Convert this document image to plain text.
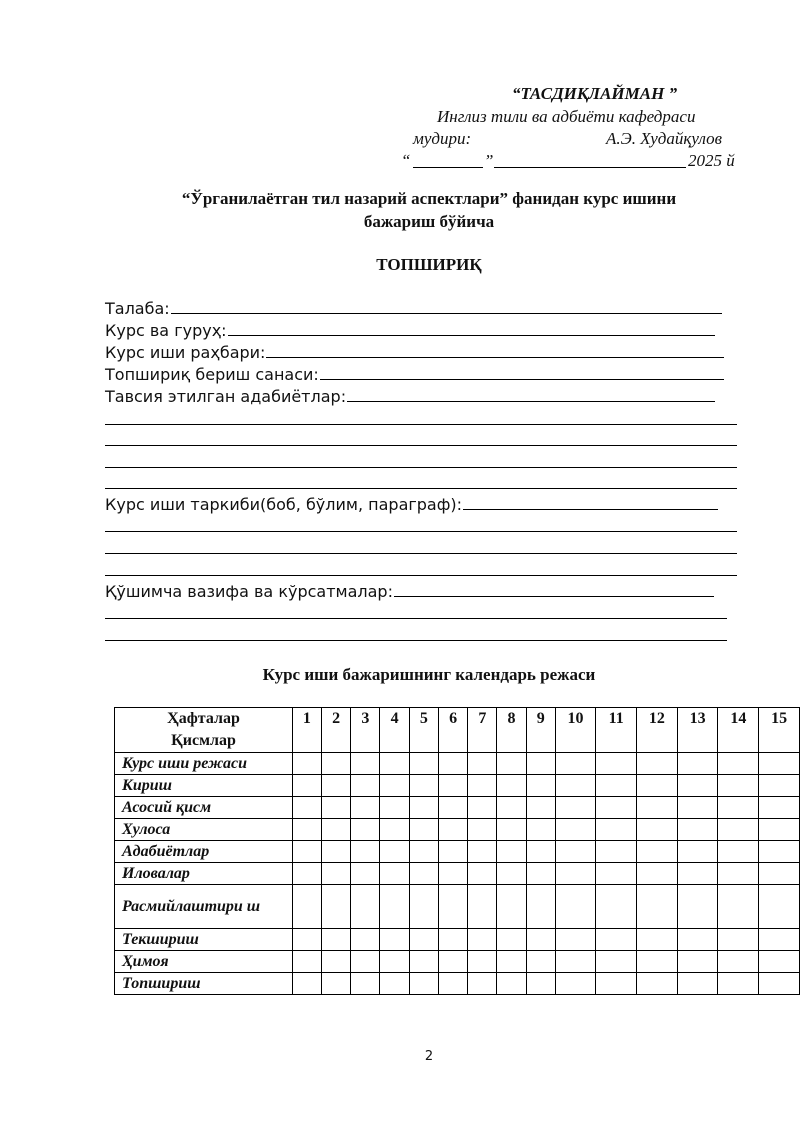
“ТАСДИҚЛАЙМАН ”
Инглиз тили ва адбиёти кафедраси
мудири:	А.Э. Худайқулов
“	”	2025 й
“Ўрганилаётган тил назарий аспектлари” фанидан курс ишини
бажариш бўйича
ТОПШИРИҚ
Талаба:
Курс ва гуруҳ:
Курс иши раҳбари:
Топшириқ бериш санаси:
Тавсия этилган адабиётлар:
Курс иши таркиби(боб, бўлим, параграф):
Қўшимча вазифа ва кўрсатмалар:
Курс иши бажаришнинг календарь режаси
Ҳафталар
Қисмлар	1	2	3	4	5	6	7	8	9	10	11	12	13	14	15
Курс иши режаси															
Кириш															
Асосий қисм															
Хулоса															
Адабиётлар															
Иловалар															
Расмийлаштири ш															
Текшириш															
Ҳимоя															
Топшириш															
2
